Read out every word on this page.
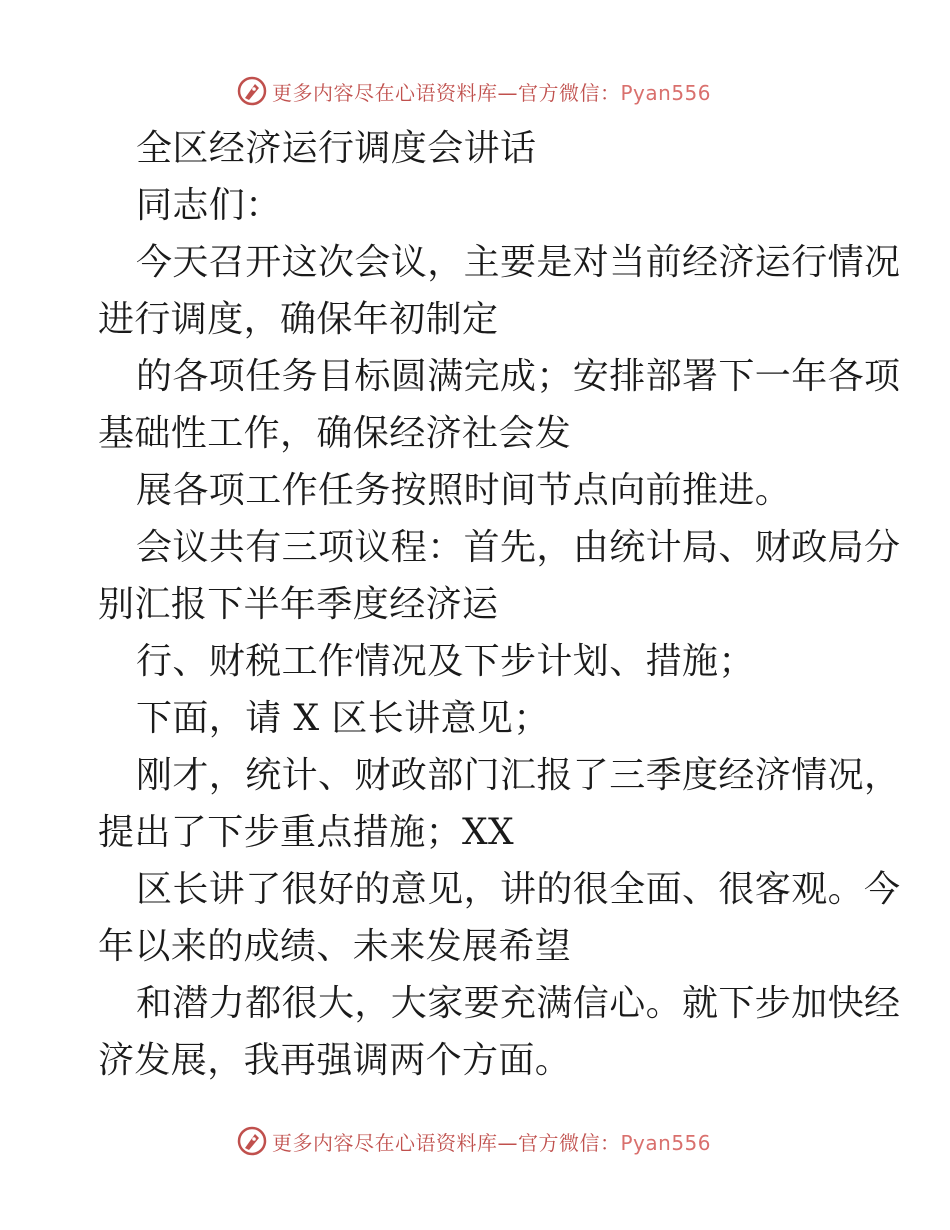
更多内容尽在心语资料库—官方微信：Pyan556
全区经济运行调度会讲话
同志们：
今天召开这次会议，主要是对当前经济运行情况
进行调度，确保年初制定
的各项任务目标圆满完成；安排部署下一年各项
基础性工作，确保经济社会发
展各项工作任务按照时间节点向前推进。
会议共有三项议程：首先，由统计局、财政局分
别汇报下半年季度经济运
行、财税工作情况及下步计划、措施；
下面，请 X 区长讲意见；
刚才，统计、财政部门汇报了三季度经济情况，
提出了下步重点措施；XX
区长讲了很好的意见，讲的很全面、很客观。今
年以来的成绩、未来发展希望
和潜力都很大，大家要充满信心。就下步加快经
济发展，我再强调两个方面。
更多内容尽在心语资料库—官方微信：Pyan556
